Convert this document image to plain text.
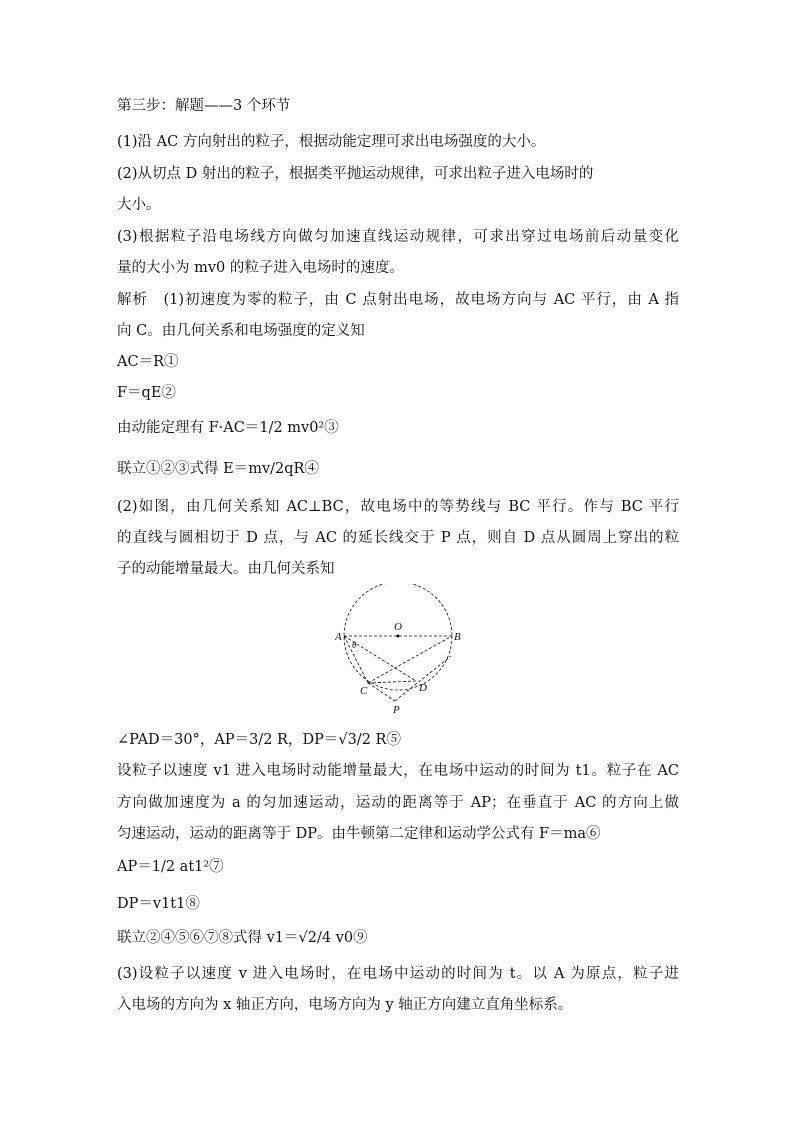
第三步：解题——3 个环节
(1)沿 AC 方向射出的粒子，根据动能定理可求出电场强度的大小。
(2)从切点 D 射出的粒子，根据类平抛运动规律，可求出粒子进入电场时的
大小。
(3)根据粒子沿电场线方向做匀加速直线运动规律，可求出穿过电场前后动量变化
量的大小为 mv0 的粒子进入电场时的速度。
解析　(1)初速度为零的粒子，由 C 点射出电场，故电场方向与 AC 平行，由 A 指
向 C。由几何关系和电场强度的定义知
AC＝R①
F＝qE②
由动能定理有 F·AC＝1/2 mv0²③
联立①②③式得 E＝mv/2qR④
(2)如图，由几何关系知 AC⊥BC，故电场中的等势线与 BC 平行。作与 BC 平行
的直线与圆相切于 D 点，与 AC 的延长线交于 P 点，则自 D 点从圆周上穿出的粒
子的动能增量最大。由几何关系知
O
A	B
θ
C	D
P
∠PAD＝30°，AP＝3/2 R，DP＝√3/2 R⑤
设粒子以速度 v1 进入电场时动能增量最大，在电场中运动的时间为 t1。粒子在 AC
方向做加速度为 a 的匀加速运动，运动的距离等于 AP；在垂直于 AC 的方向上做
匀速运动，运动的距离等于 DP。由牛顿第二定律和运动学公式有 F＝ma⑥
AP＝1/2 at1²⑦
DP＝v1t1⑧
联立②④⑤⑥⑦⑧式得 v1＝√2/4 v0⑨
(3)设粒子以速度 v 进入电场时，在电场中运动的时间为 t。以 A 为原点，粒子进
入电场的方向为 x 轴正方向，电场方向为 y 轴正方向建立直角坐标系。
